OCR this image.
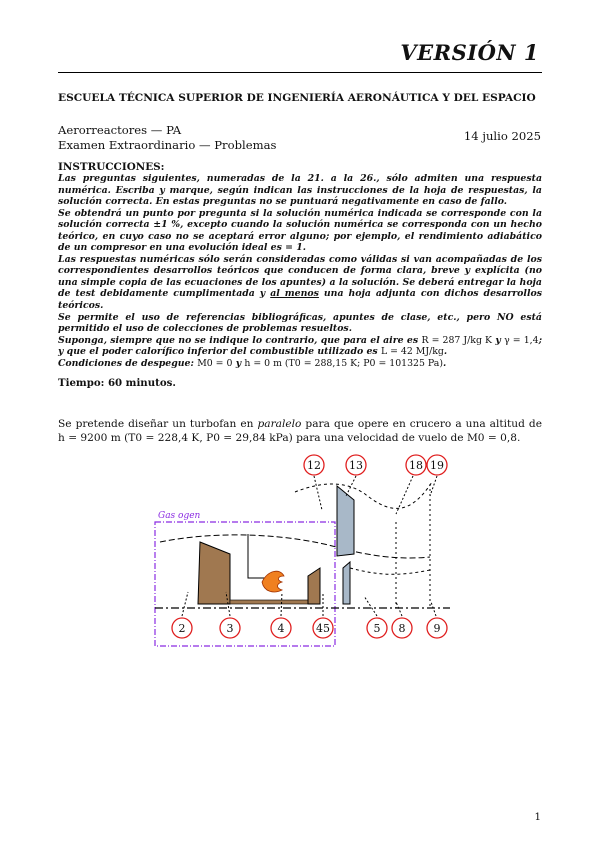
VERSIÓN 1
ESCUELA TÉCNICA SUPERIOR DE INGENIERÍA AERONÁUTICA Y DEL ESPACIO
Aerorreactores — PA
Examen Extraordinario — Problemas
14 julio 2025
INSTRUCCIONES:

Las preguntas siguientes, numeradas de la 21. a la 26., sólo admiten una respuesta numérica. Escriba y marque, según indican las instrucciones de la hoja de respuestas, la solución correcta. En estas preguntas no se puntuará negativamente en caso de fallo.

Se obtendrá un punto por pregunta si la solución numérica indicada se corresponde con la solución correcta ±1 %, excepto cuando la solución numérica se corresponda con un hecho teórico, en cuyo caso no se aceptará error alguno; por ejemplo, el rendimiento adiabático de un compresor en una evolución ideal es = 1.

Las respuestas numéricas sólo serán consideradas como válidas si van acompañadas de los correspondientes desarrollos teóricos que conducen de forma clara, breve y explícita (no una simple copia de las ecuaciones de los apuntes) a la solución. Se deberá entregar la hoja de test debidamente cumplimentada y al menos una hoja adjunta con dichos desarrollos teóricos.

Se permite el uso de referencias bibliográficas, apuntes de clase, etc., pero NO está permitido el uso de colecciones de problemas resueltos.

Suponga, siempre que no se indique lo contrario, que para el aire es R = 287 J/kg K y γ = 1,4; y que el poder calorífico inferior del combustible utilizado es L = 42 MJ/kg.

Condiciones de despegue: M0 = 0 y h = 0 m (T0 = 288,15 K; P0 = 101325 Pa).

Tiempo: 60 minutos.
Se pretende diseñar un turbofan en paralelo para que opere en crucero a una altitud de h = 9200 m (T0 = 228,4 K, P0 = 29,84 kPa) para una velocidad de vuelo de M0 = 0,8.
Gas ogen
12	13	18 19
2	3	4	45	5 8	9
1
